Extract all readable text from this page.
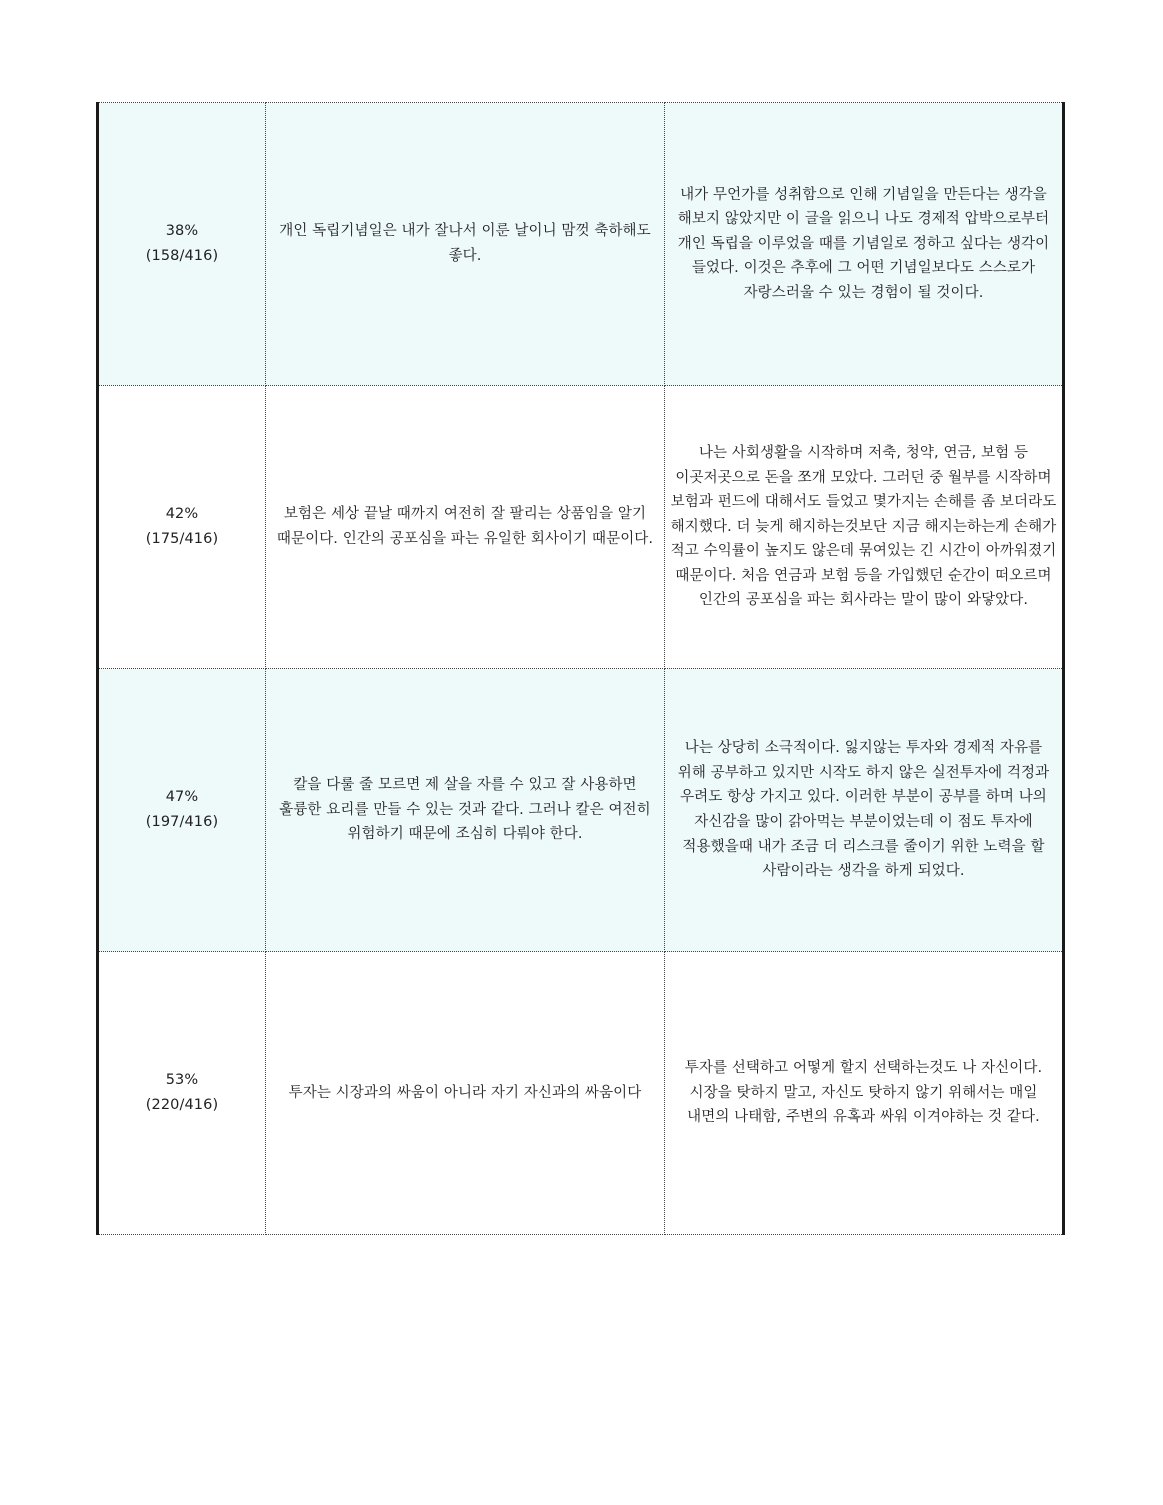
38%
(158/416)	개인 독립기념일은 내가 잘나서 이룬 날이니 맘껏 축하해도 좋다.	내가 무언가를 성취함으로 인해 기념일을 만든다는 생각을 해보지 않았지만 이 글을 읽으니 나도 경제적 압박으로부터 개인 독립을 이루었을 때를 기념일로 정하고 싶다는 생각이 들었다. 이것은 추후에 그 어떤 기념일보다도 스스로가 자랑스러울 수 있는 경험이 될 것이다.

42%
(175/416)	보험은 세상 끝날 때까지 여전히 잘 팔리는 상품임을 알기 때문이다. 인간의 공포심을 파는 유일한 회사이기 때문이다.	나는 사회생활을 시작하며 저축, 청약, 연금, 보험 등 이곳저곳으로 돈을 쪼개 모았다. 그러던 중 월부를 시작하며 보험과 펀드에 대해서도 들었고 몇가지는 손해를 좀 보더라도 해지했다. 더 늦게 해지하는것보단 지금 해지는하는게 손해가 적고 수익률이 높지도 않은데 묶여있는 긴 시간이 아까워졌기 때문이다. 처음 연금과 보험 등을 가입했던 순간이 떠오르며 인간의 공포심을 파는 회사라는 말이 많이 와닿았다.

47%
(197/416)	칼을 다룰 줄 모르면 제 살을 자를 수 있고 잘 사용하면 훌륭한 요리를 만들 수 있는 것과 같다. 그러나 칼은 여전히 위험하기 때문에 조심히 다뤄야 한다.	나는 상당히 소극적이다. 잃지않는 투자와 경제적 자유를 위해 공부하고 있지만 시작도 하지 않은 실전투자에 걱정과 우려도 항상 가지고 있다. 이러한 부분이 공부를 하며 나의 자신감을 많이 갉아먹는 부분이었는데 이 점도 투자에 적용했을때 내가 조금 더 리스크를 줄이기 위한 노력을 할 사람이라는 생각을 하게 되었다.

53%
(220/416)	투자는 시장과의 싸움이 아니라 자기 자신과의 싸움이다	투자를 선택하고 어떻게 할지 선택하는것도 나 자신이다. 시장을 탓하지 말고, 자신도 탓하지 않기 위해서는 매일 내면의 나태함, 주변의 유혹과 싸워 이겨야하는 것 같다.
